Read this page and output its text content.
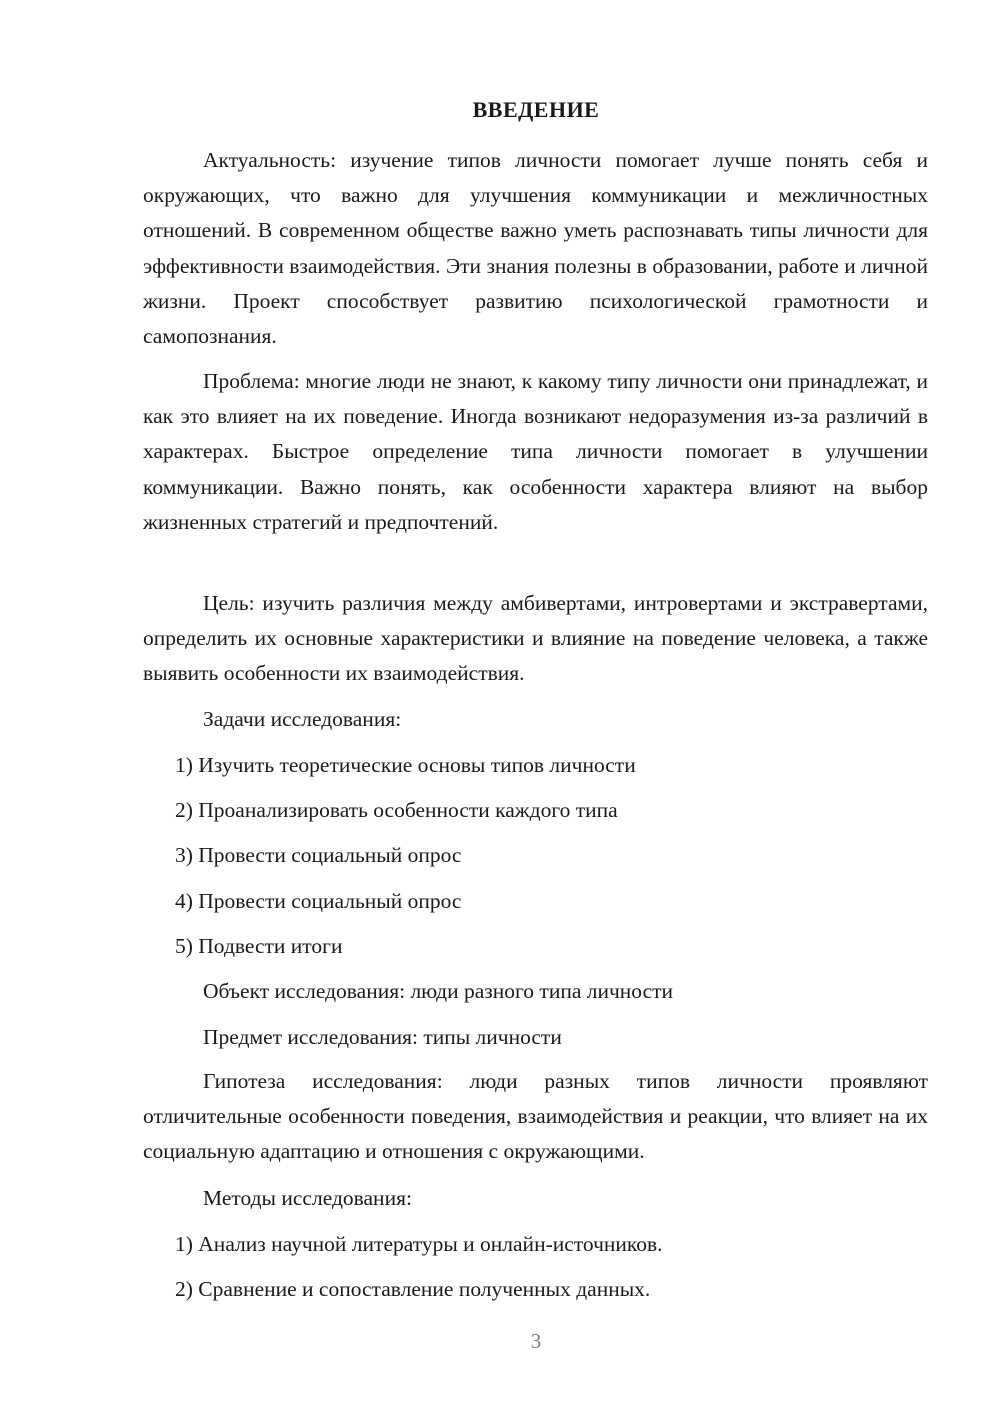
ВВЕДЕНИЕ

Актуальность: изучение типов личности помогает лучше понять себя и окружающих, что важно для улучшения коммуникации и межличностных отношений. В современном обществе важно уметь распознавать типы личности для эффективности взаимодействия. Эти знания полезны в образовании, работе и личной жизни. Проект способствует развитию психологической грамотности и самопознания.

Проблема: многие люди не знают, к какому типу личности они принадлежат, и как это влияет на их поведение. Иногда возникают недоразумения из-за различий в характерах. Быстрое определение типа личности помогает в улучшении коммуникации. Важно понять, как особенности характера влияют на выбор жизненных стратегий и предпочтений.

Цель: изучить различия между амбивертами, интровертами и экстравертами, определить их основные характеристики и влияние на поведение человека, а также выявить особенности их взаимодействия.

Задачи исследования:
1) Изучить теоретические основы типов личности
2) Проанализировать особенности каждого типа
3) Провести социальный опрос
4) Провести социальный опрос
5) Подвести итоги
Объект исследования: люди разного типа личности
Предмет исследования: типы личности

Гипотеза исследования: люди разных типов личности проявляют отличительные особенности поведения, взаимодействия и реакции, что влияет на их социальную адаптацию и отношения с окружающими.

Методы исследования:
1) Анализ научной литературы и онлайн-источников.
2) Сравнение и сопоставление полученных данных.
3
